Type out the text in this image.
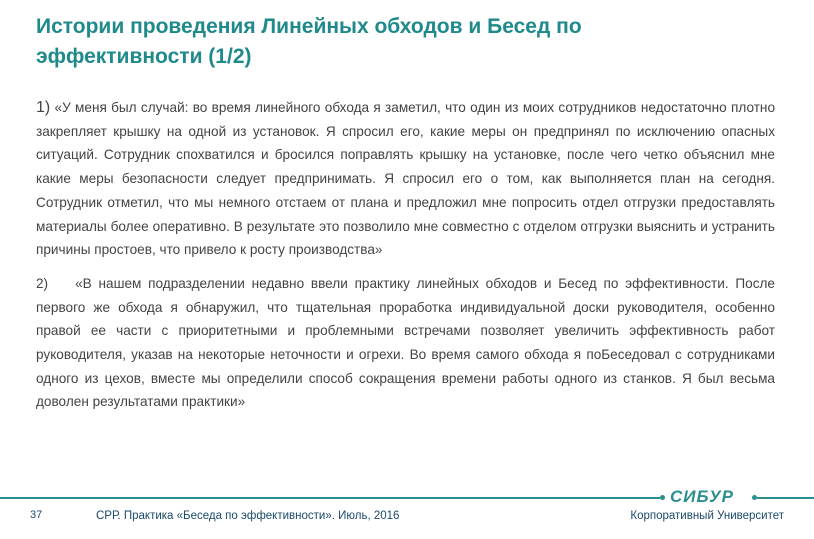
Истории проведения Линейных обходов и Бесед по эффективности (1/2)

1) «У меня был случай: во время линейного обхода я заметил, что один из моих сотрудников недостаточно плотно закрепляет крышку на одной из установок. Я спросил его, какие меры он предпринял по исключению опасных ситуаций. Сотрудник спохватился и бросился поправлять крышку на установке, после чего четко объяснил мне какие меры безопасности следует предпринимать. Я спросил его о том, как выполняется план на сегодня. Сотрудник отметил, что мы немного отстаем от плана и предложил мне попросить отдел отгрузки предоставлять материалы более оперативно. В результате это позволило мне совместно с отделом отгрузки выяснить и устранить причины простоев, что привело к росту производства»

2) «В нашем подразделении недавно ввели практику линейных обходов и Бесед по эффективности. После первого же обхода я обнаружил, что тщательная проработка индивидуальной доски руководителя, особенно правой ее части с приоритетными и проблемными встречами позволяет увеличить эффективность работ руководителя, указав на некоторые неточности и огрехи. Во время самого обхода я поБеседовал с сотрудниками одного из цехов, вместе мы определили способ сокращения времени работы одного из станков. Я был весьма доволен результатами практики»

СИБУР
37	СРР. Практика «Беседа по эффективности». Июль, 2016	Корпоративный Университет
